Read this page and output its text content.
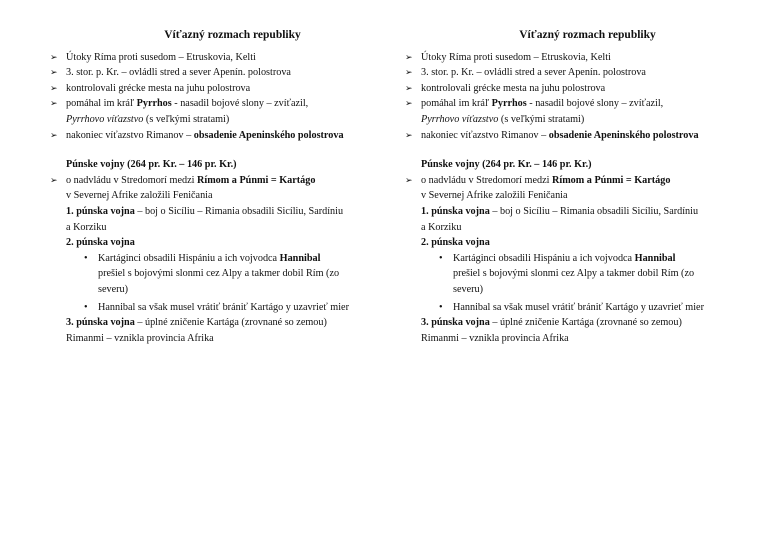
Víťazný rozmach republiky
➢ Útoky Ríma proti susedom – Etruskovia, Kelti
➢ 3. stor. p. Kr. – ovládli stred a sever Apenín. polostrova
➢ kontrolovali grécke mesta na juhu polostrova
➢ pomáhal im kráľ Pyrrhos - nasadil bojové slony – zvíťazil,
Pyrrhovo víťazstvo (s veľkými stratami)
➢ nakoniec víťazstvo Rimanov – obsadenie Apeninského polostrova
Púnske vojny (264 pr. Kr. – 146 pr. Kr.)
➢ o nadvládu v Stredomorí medzi Rímom a Púnmi = Kartágo
v Severnej Afrike založili Feničania
1. púnska vojna – boj o Sicíliu – Rimania obsadili Sicíliu, Sardíniu
a Korziku
2. púnska vojna
• Kartáginci obsadili Hispániu a ich vojvodca Hannibal
prešiel s bojovými slonmi cez Alpy a takmer dobil Rím (zo
severu)
• Hannibal sa však musel vrátiť brániť Kartágo y uzavrieť mier
3. púnska vojna – úplné zničenie Kartága (zrovnané so zemou)
Rimanmi – vznikla provincia Afrika
Víťazný rozmach republiky
➢ Útoky Ríma proti susedom – Etruskovia, Kelti
➢ 3. stor. p. Kr. – ovládli stred a sever Apenín. polostrova
➢ kontrolovali grécke mesta na juhu polostrova
➢ pomáhal im kráľ Pyrrhos - nasadil bojové slony – zvíťazil,
Pyrrhovo víťazstvo (s veľkými stratami)
➢ nakoniec víťazstvo Rimanov – obsadenie Apeninského polostrova
Púnske vojny (264 pr. Kr. – 146 pr. Kr.)
➢ o nadvládu v Stredomorí medzi Rímom a Púnmi = Kartágo
v Severnej Afrike založili Feničania
1. púnska vojna – boj o Sicíliu – Rimania obsadili Sicíliu, Sardíniu
a Korziku
2. púnska vojna
• Kartáginci obsadili Hispániu a ich vojvodca Hannibal
prešiel s bojovými slonmi cez Alpy a takmer dobil Rím (zo
severu)
• Hannibal sa však musel vrátiť brániť Kartágo y uzavrieť mier
3. púnska vojna – úplné zničenie Kartága (zrovnané so zemou)
Rimanmi – vznikla provincia Afrika
